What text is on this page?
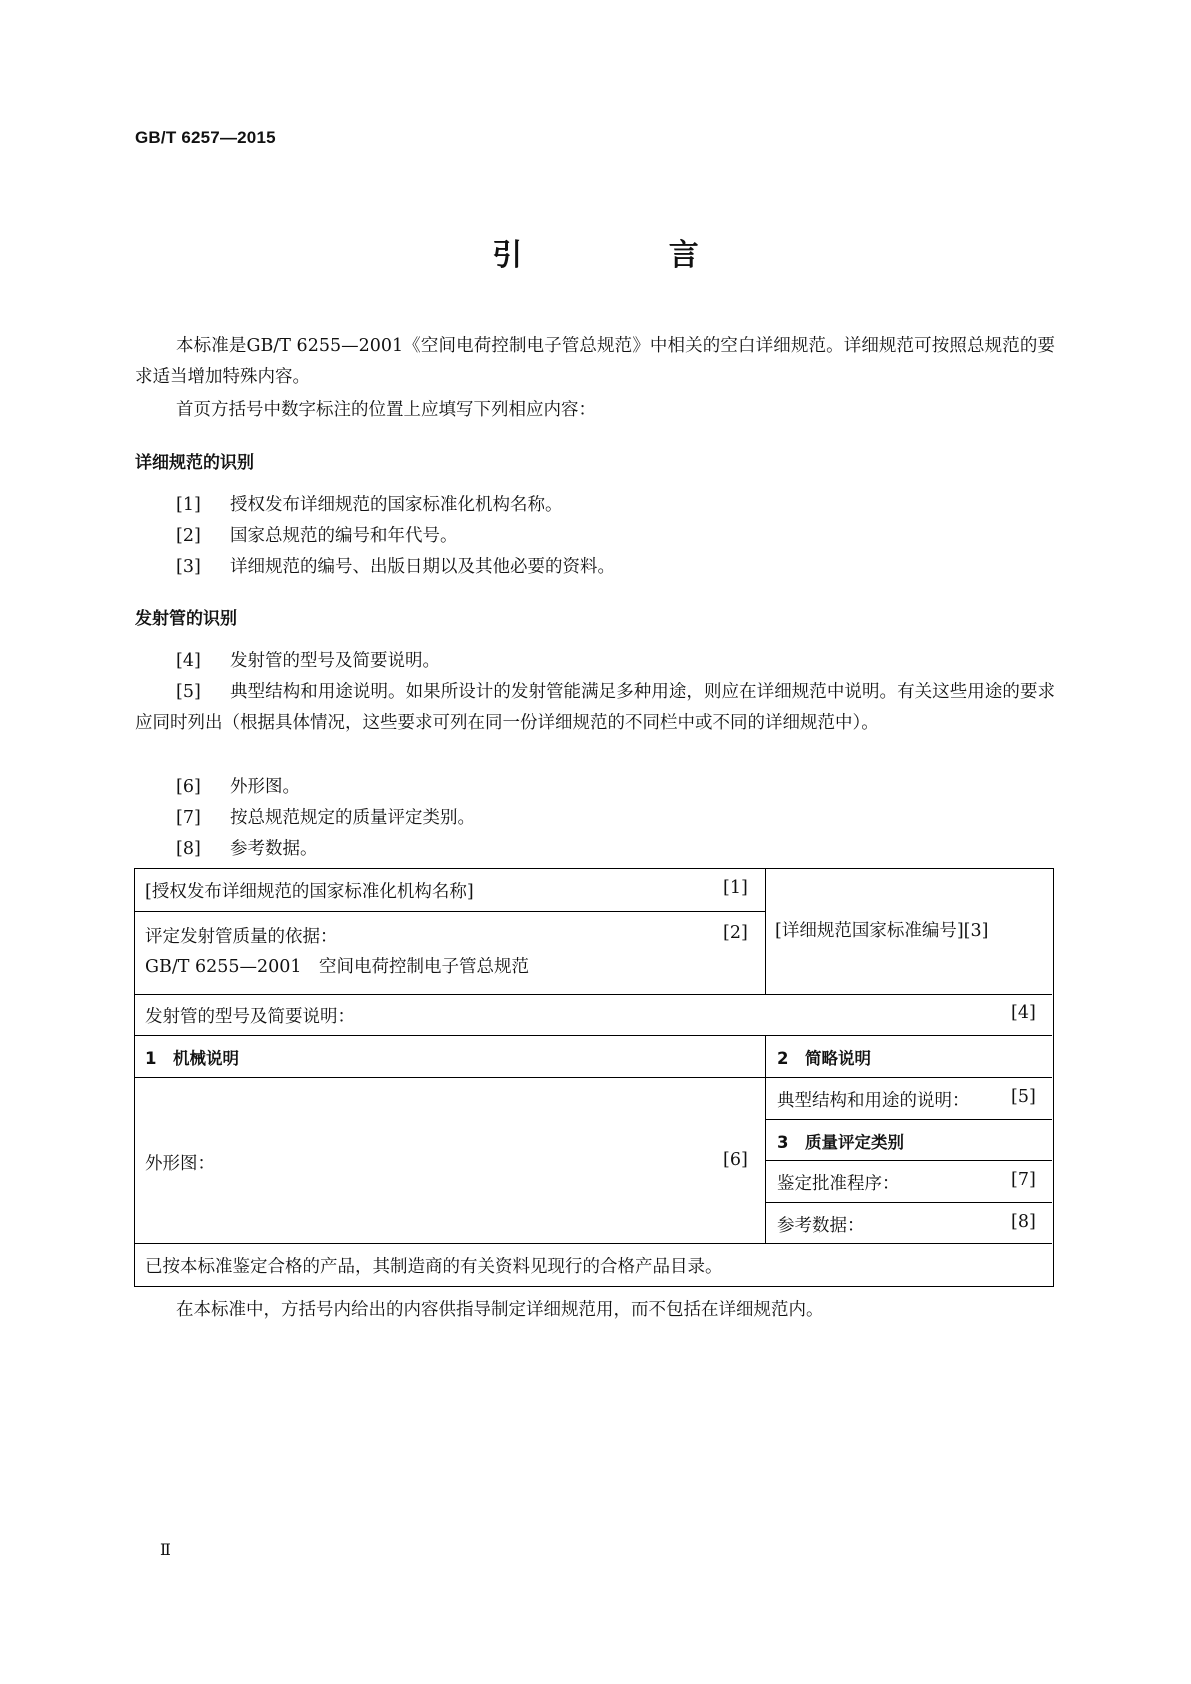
GB/T 6257—2015
引 言
本标准是GB/T 6255—2001《空间电荷控制电子管总规范》中相关的空白详细规范。详细规范可按照总规范的要求适当增加特殊内容。
首页方括号中数字标注的位置上应填写下列相应内容：
详细规范的识别
[1] 授权发布详细规范的国家标准化机构名称。
[2] 国家总规范的编号和年代号。
[3] 详细规范的编号、出版日期以及其他必要的资料。
发射管的识别
[4] 发射管的型号及简要说明。
[5] 典型结构和用途说明。如果所设计的发射管能满足多种用途，则应在详细规范中说明。有关这些用途的要求应同时列出（根据具体情况，这些要求可列在同一份详细规范的不同栏中或不同的详细规范中）。
[6] 外形图。
[7] 按总规范规定的质量评定类别。
[8] 参考数据。
[授权发布详细规范的国家标准化机构名称]	[1]
评定发射管质量的依据：	[2]
GB/T 6255—2001　空间电荷控制电子管总规范
[详细规范国家标准编号][3]
发射管的型号及简要说明：	[4]
1　机械说明	2　简略说明
典型结构和用途的说明： [5]
3　质量评定类别
鉴定批准程序：	[7]
参考数据：	[8]
外形图：	[6]
已按本标准鉴定合格的产品，其制造商的有关资料见现行的合格产品目录。
在本标准中，方括号内给出的内容供指导制定详细规范用，而不包括在详细规范内。
Ⅱ
